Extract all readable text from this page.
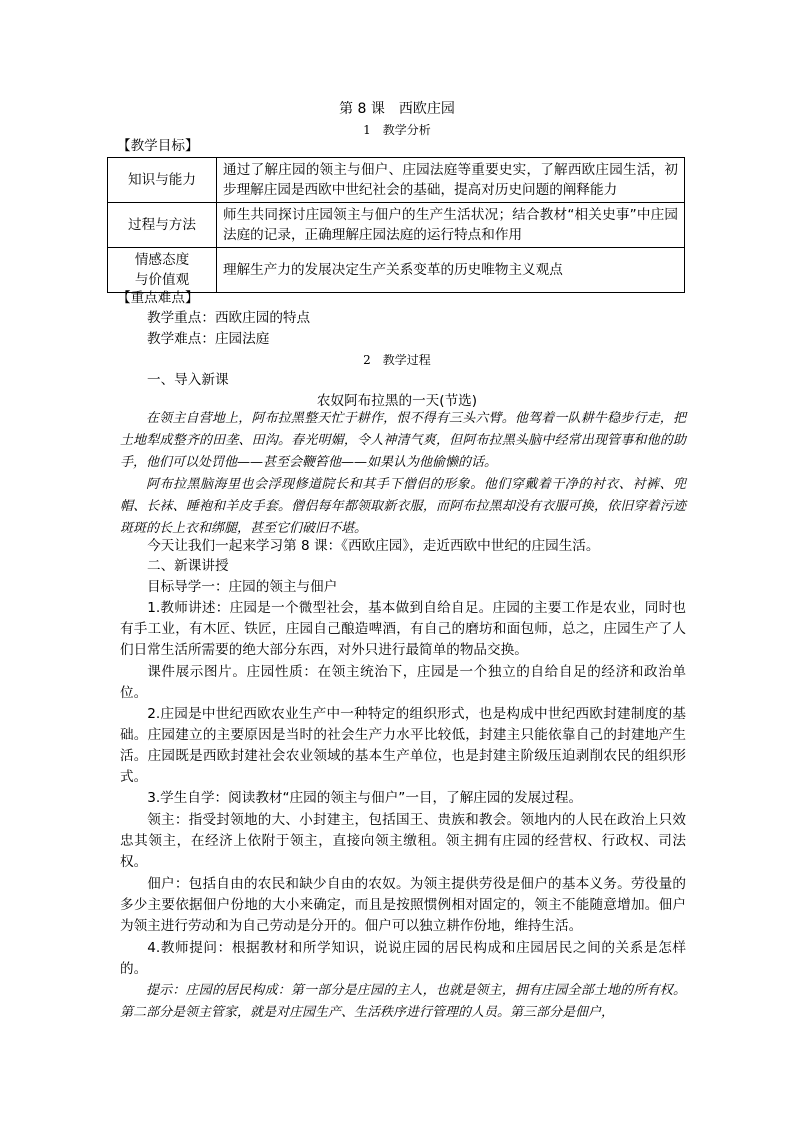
第 8 课　西欧庄园
1　教学分析
【教学目标】
知识与能力	通过了解庄园的领主与佃户、庄园法庭等重要史实，了解西欧庄园生活，初步理解庄园是西欧中世纪社会的基础，提高对历史问题的阐释能力
过程与方法	师生共同探讨庄园领主与佃户的生产生活状况；结合教材“相关史事”中庄园法庭的记录，正确理解庄园法庭的运行特点和作用
情感态度
与价值观	理解生产力的发展决定生产关系变革的历史唯物主义观点
【重点难点】
教学重点：西欧庄园的特点
教学难点：庄园法庭
2　教学过程
一、导入新课
农奴阿布拉黑的一天(节选)
在领主自营地上，阿布拉黑整天忙于耕作，恨不得有三头六臂。他驾着一队耕牛稳步行走，把土地犁成整齐的田垄、田沟。春光明媚，令人神清气爽，但阿布拉黑头脑中经常出现管事和他的助手，他们可以处罚他——甚至会鞭笞他——如果认为他偷懒的话。
阿布拉黑脑海里也会浮现修道院长和其手下僧侣的形象。他们穿戴着干净的衬衣、衬裤、兜帽、长袜、睡袍和羊皮手套。僧侣每年都领取新衣服，而阿布拉黑却没有衣服可换，依旧穿着污迹斑斑的长上衣和绑腿，甚至它们破旧不堪。
今天让我们一起来学习第 8 课：《西欧庄园》，走近西欧中世纪的庄园生活。
二、新课讲授
目标导学一：庄园的领主与佃户
1.教师讲述：庄园是一个微型社会，基本做到自给自足。庄园的主要工作是农业，同时也有手工业，有木匠、铁匠，庄园自己酿造啤酒，有自己的磨坊和面包师，总之，庄园生产了人们日常生活所需要的绝大部分东西，对外只进行最简单的物品交换。
课件展示图片。庄园性质：在领主统治下，庄园是一个独立的自给自足的经济和政治单位。
2.庄园是中世纪西欧农业生产中一种特定的组织形式，也是构成中世纪西欧封建制度的基础。庄园建立的主要原因是当时的社会生产力水平比较低，封建主只能依靠自己的封建地产生活。庄园既是西欧封建社会农业领域的基本生产单位，也是封建主阶级压迫剥削农民的组织形式。
3.学生自学：阅读教材“庄园的领主与佃户”一目，了解庄园的发展过程。
领主：指受封领地的大、小封建主，包括国王、贵族和教会。领地内的人民在政治上只效忠其领主，在经济上依附于领主，直接向领主缴租。领主拥有庄园的经营权、行政权、司法权。
佃户：包括自由的农民和缺少自由的农奴。为领主提供劳役是佃户的基本义务。劳役量的多少主要依据佃户份地的大小来确定，而且是按照惯例相对固定的，领主不能随意增加。佃户为领主进行劳动和为自己劳动是分开的。佃户可以独立耕作份地，维持生活。
4.教师提问：根据教材和所学知识，说说庄园的居民构成和庄园居民之间的关系是怎样的。
提示：庄园的居民构成：第一部分是庄园的主人，也就是领主，拥有庄园全部土地的所有权。第二部分是领主管家，就是对庄园生产、生活秩序进行管理的人员。第三部分是佃户，
